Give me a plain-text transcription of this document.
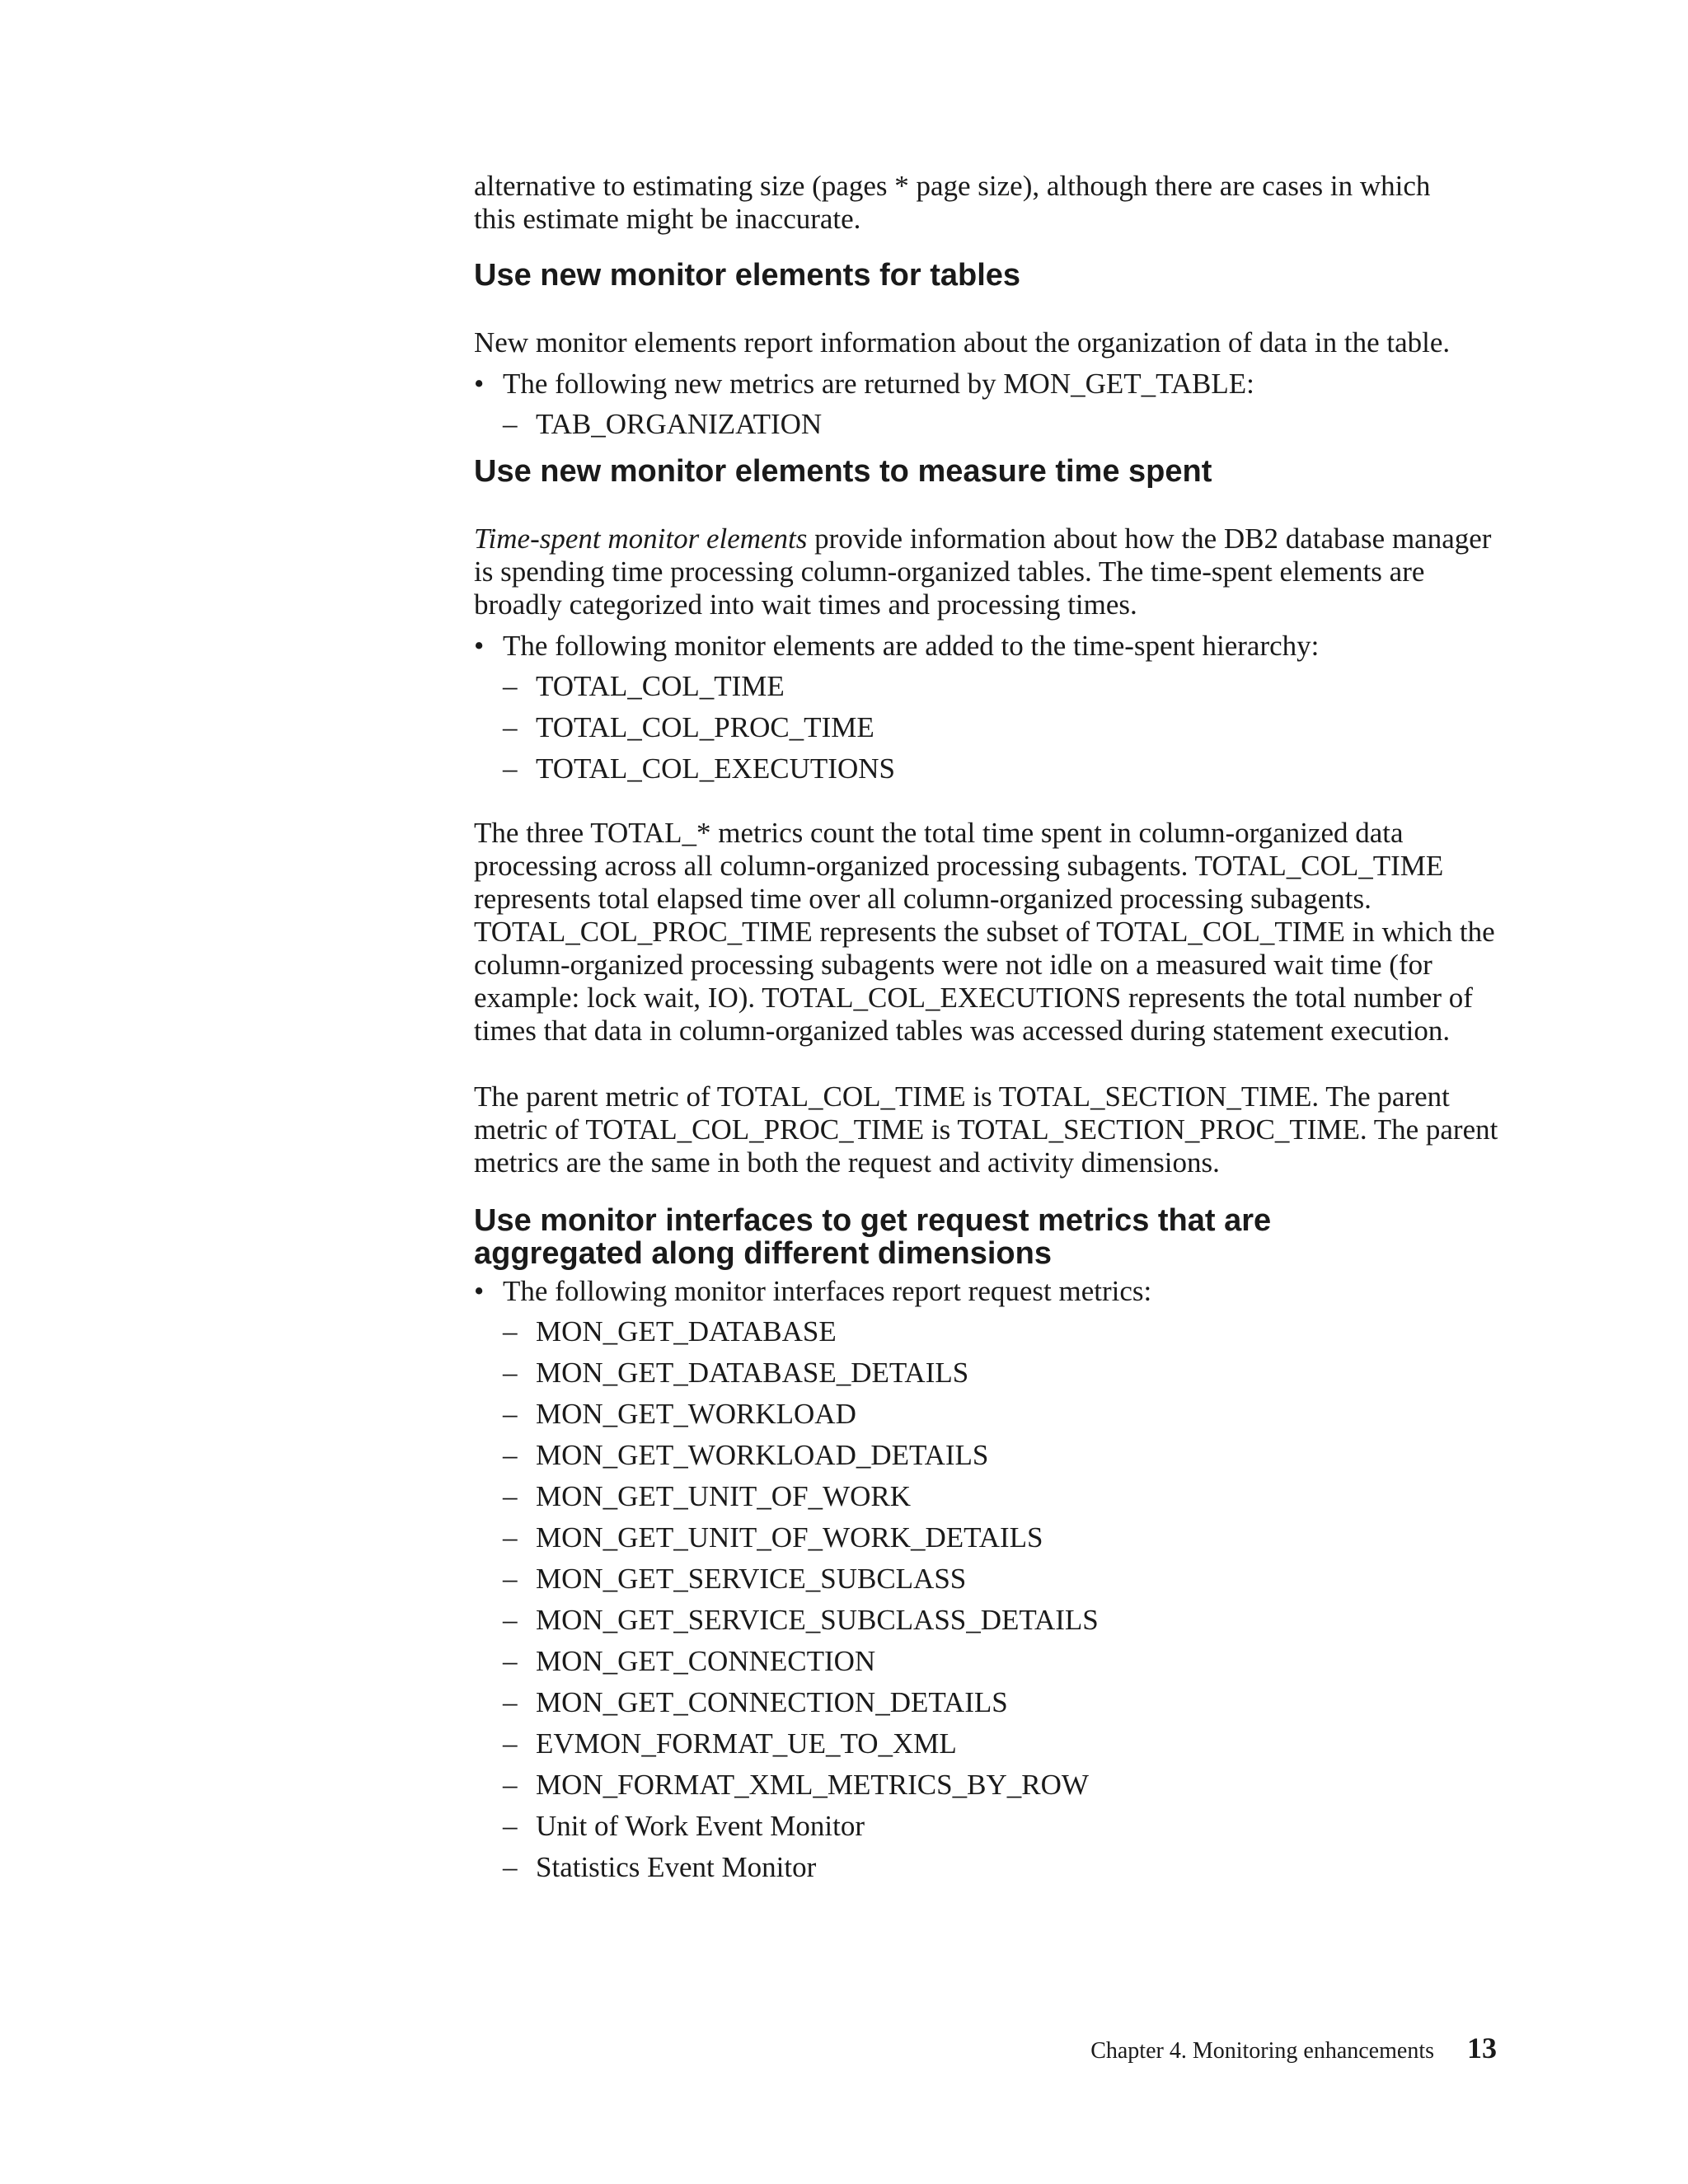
alternative to estimating size (pages * page size), although there are cases in which
this estimate might be inaccurate.

Use new monitor elements for tables

New monitor elements report information about the organization of data in the table.

• The following new metrics are returned by MON_GET_TABLE:

– TAB_ORGANIZATION
Use new monitor elements to measure time spent

Time-spent monitor elements provide information about how the DB2 database manager is spending time processing column-organized tables. The time-spent elements are broadly categorized into wait times and processing times.

• The following monitor elements are added to the time-spent hierarchy:

– TOTAL_COL_TIME
– TOTAL_COL_PROC_TIME
– TOTAL_COL_EXECUTIONS

The three TOTAL_* metrics count the total time spent in column-organized data processing across all column-organized processing subagents. TOTAL_COL_TIME represents total elapsed time over all column-organized processing subagents. TOTAL_COL_PROC_TIME represents the subset of TOTAL_COL_TIME in which the column-organized processing subagents were not idle on a measured wait time (for example: lock wait, IO). TOTAL_COL_EXECUTIONS represents the total number of times that data in column-organized tables was accessed during statement execution.

The parent metric of TOTAL_COL_TIME is TOTAL_SECTION_TIME. The parent metric of TOTAL_COL_PROC_TIME is TOTAL_SECTION_PROC_TIME. The parent metrics are the same in both the request and activity dimensions.

Use monitor interfaces to get request metrics that are
aggregated along different dimensions

• The following monitor interfaces report request metrics:

– MON_GET_DATABASE
– MON_GET_DATABASE_DETAILS
– MON_GET_WORKLOAD
– MON_GET_WORKLOAD_DETAILS
– MON_GET_UNIT_OF_WORK
– MON_GET_UNIT_OF_WORK_DETAILS
– MON_GET_SERVICE_SUBCLASS
– MON_GET_SERVICE_SUBCLASS_DETAILS
– MON_GET_CONNECTION
– MON_GET_CONNECTION_DETAILS
– EVMON_FORMAT_UE_TO_XML
– MON_FORMAT_XML_METRICS_BY_ROW
– Unit of Work Event Monitor
– Statistics Event Monitor
Chapter 4. Monitoring enhancements 13
